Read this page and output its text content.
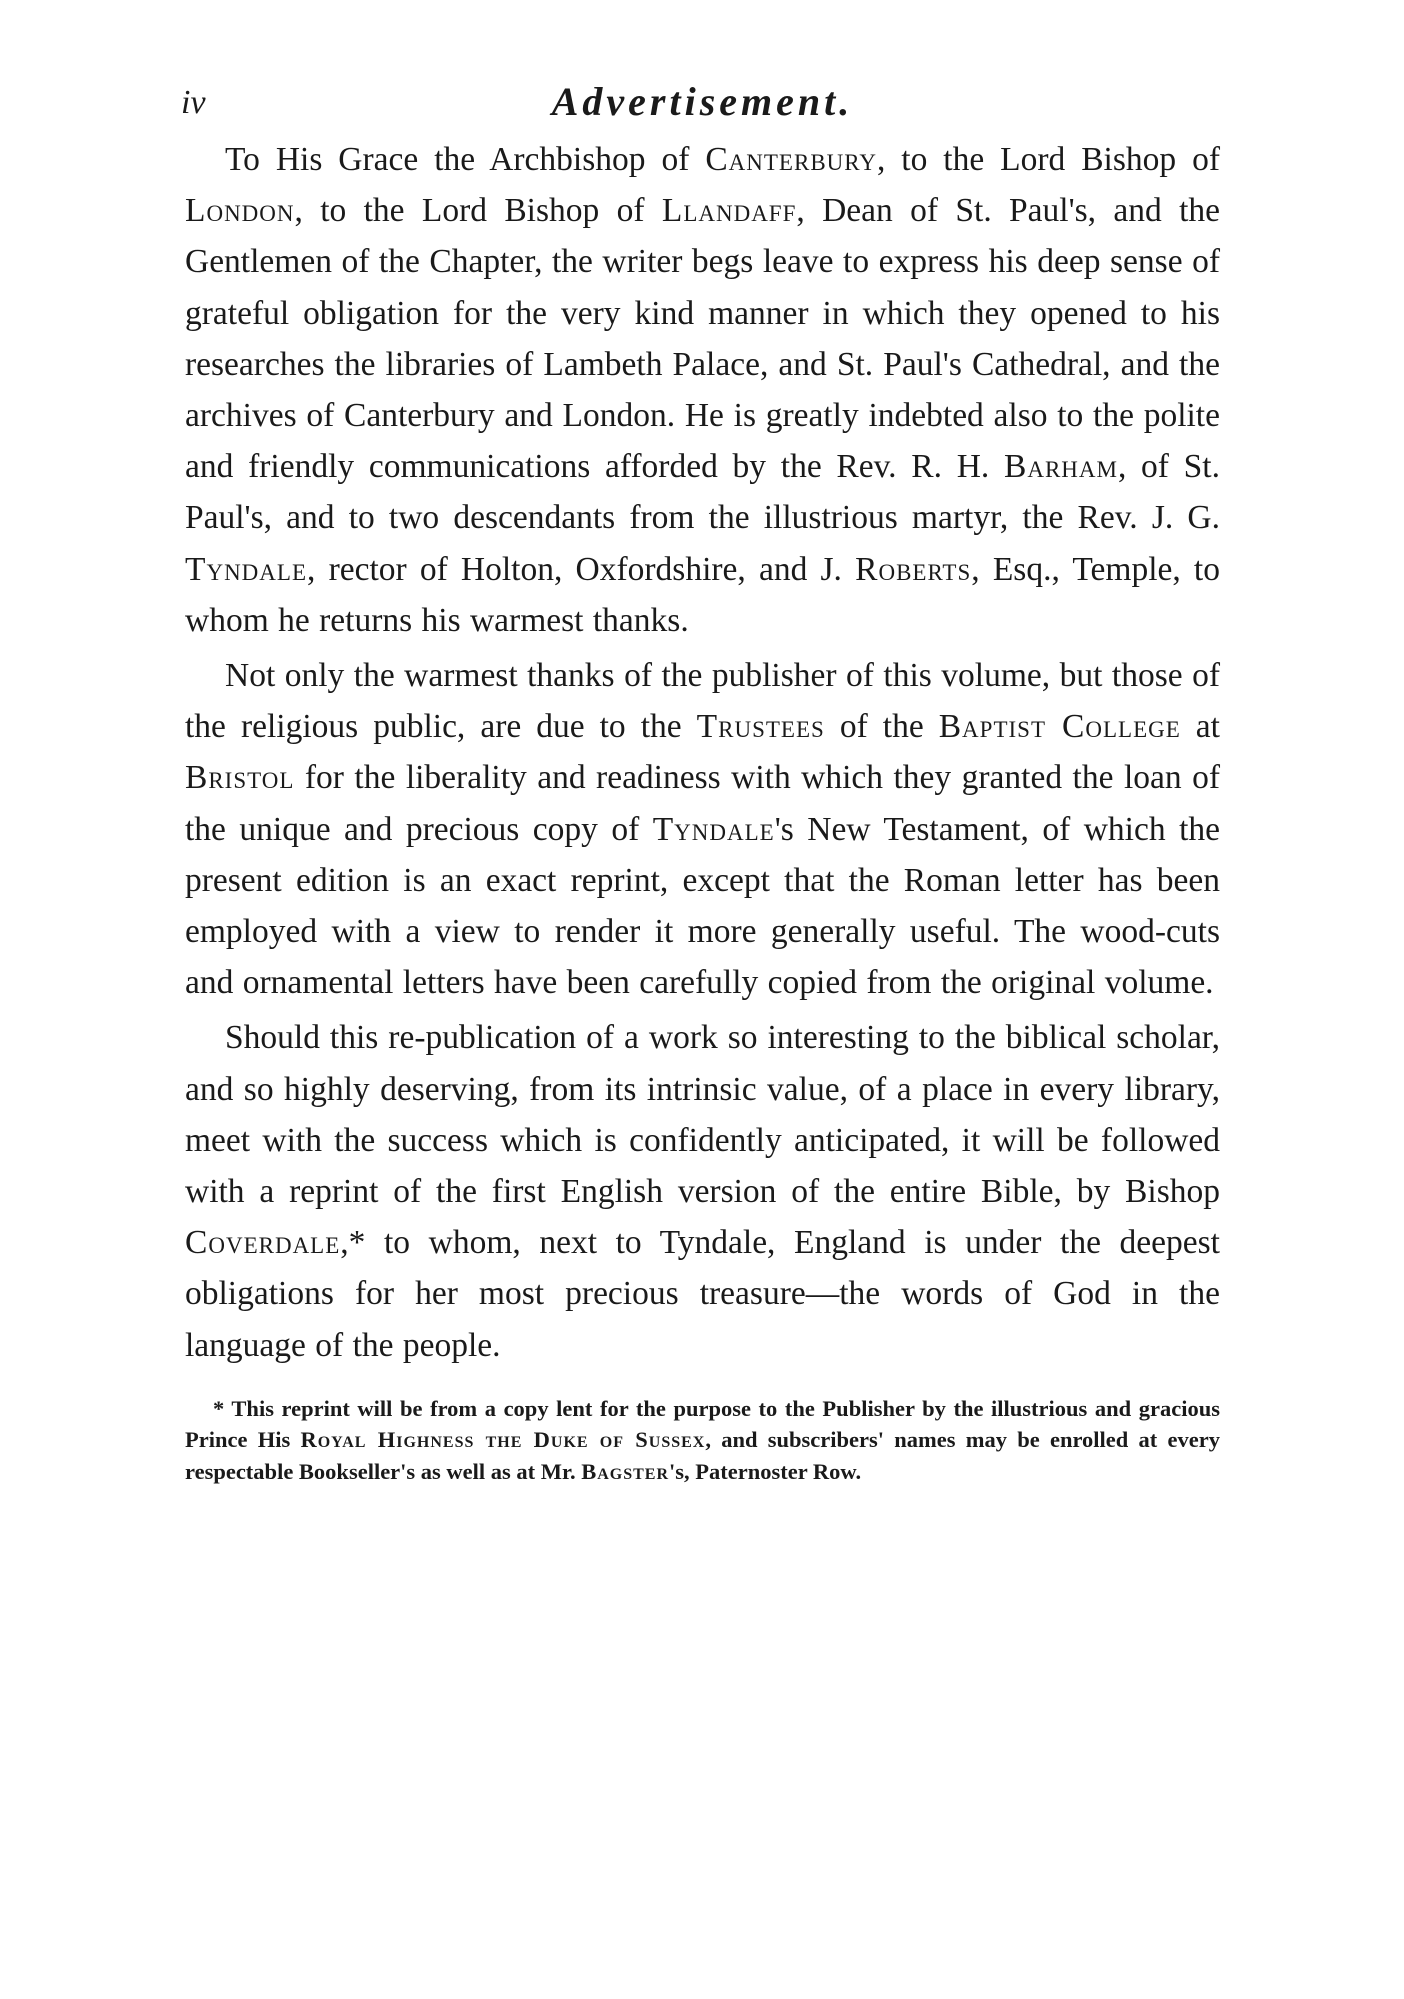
iv	Advertisement.

To His Grace the Archbishop of Canterbury, to the Lord Bishop of London, to the Lord Bishop of Llandaff, Dean of St. Paul's, and the Gentlemen of the Chapter, the writer begs leave to express his deep sense of grateful obligation for the very kind manner in which they opened to his researches the libraries of Lambeth Palace, and St. Paul's Cathedral, and the archives of Canterbury and London. He is greatly indebted also to the polite and friendly communications afforded by the Rev. R. H. Barham, of St. Paul's, and to two descendants from the illustrious martyr, the Rev. J. G. Tyndale, rector of Holton, Oxfordshire, and J. Roberts, Esq., Temple, to whom he returns his warmest thanks.

Not only the warmest thanks of the publisher of this volume, but those of the religious public, are due to the Trustees of the Baptist College at Bristol for the liberality and readiness with which they granted the loan of the unique and precious copy of Tyndale's New Testament, of which the present edition is an exact reprint, except that the Roman letter has been employed with a view to render it more generally useful. The wood-cuts and ornamental letters have been carefully copied from the original volume.

Should this re-publication of a work so interesting to the biblical scholar, and so highly deserving, from its intrinsic value, of a place in every library, meet with the success which is confidently anticipated, it will be followed with a reprint of the first English version of the entire Bible, by Bishop Coverdale,* to whom, next to Tyndale, England is under the deepest obligations for her most precious treasure—the words of God in the language of the people.

* This reprint will be from a copy lent for the purpose to the Publisher by the illustrious and gracious Prince His Royal Highness the Duke of Sussex, and subscribers' names may be enrolled at every respectable Bookseller's as well as at Mr. Bagster's, Paternoster Row.
